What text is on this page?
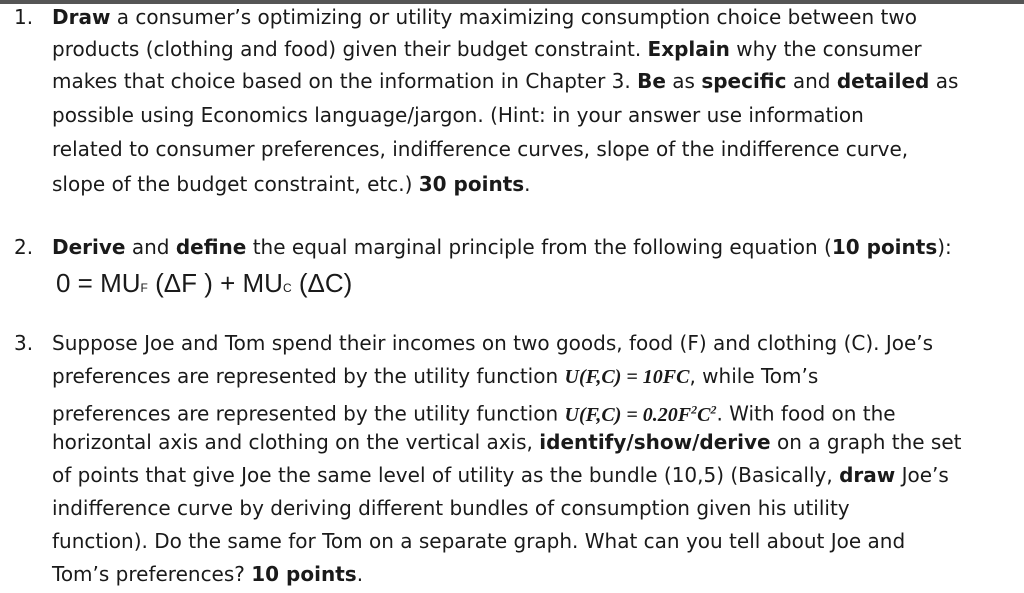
1. Draw a consumer’s optimizing or utility maximizing consumption choice between two
products (clothing and food) given their budget constraint. Explain why the consumer
makes that choice based on the information in Chapter 3. Be as specific and detailed as
possible using Economics language/jargon. (Hint: in your answer use information
related to consumer preferences, indifference curves, slope of the indifference curve,
slope of the budget constraint, etc.) 30 points.
2. Derive and define the equal marginal principle from the following equation (10 points):
0 = MUF (ΔF ) + MUC (ΔC)
3. Suppose Joe and Tom spend their incomes on two goods, food (F) and clothing (C). Joe’s
preferences are represented by the utility function U(F,C) = 10FC, while Tom’s
preferences are represented by the utility function $U(F,C) = 0.20F^2C^2$. With food on the
horizontal axis and clothing on the vertical axis, identify/show/derive on a graph the set
of points that give Joe the same level of utility as the bundle (10,5) (Basically, draw Joe’s
indifference curve by deriving different bundles of consumption given his utility
function). Do the same for Tom on a separate graph. What can you tell about Joe and
Tom’s preferences? 10 points.
